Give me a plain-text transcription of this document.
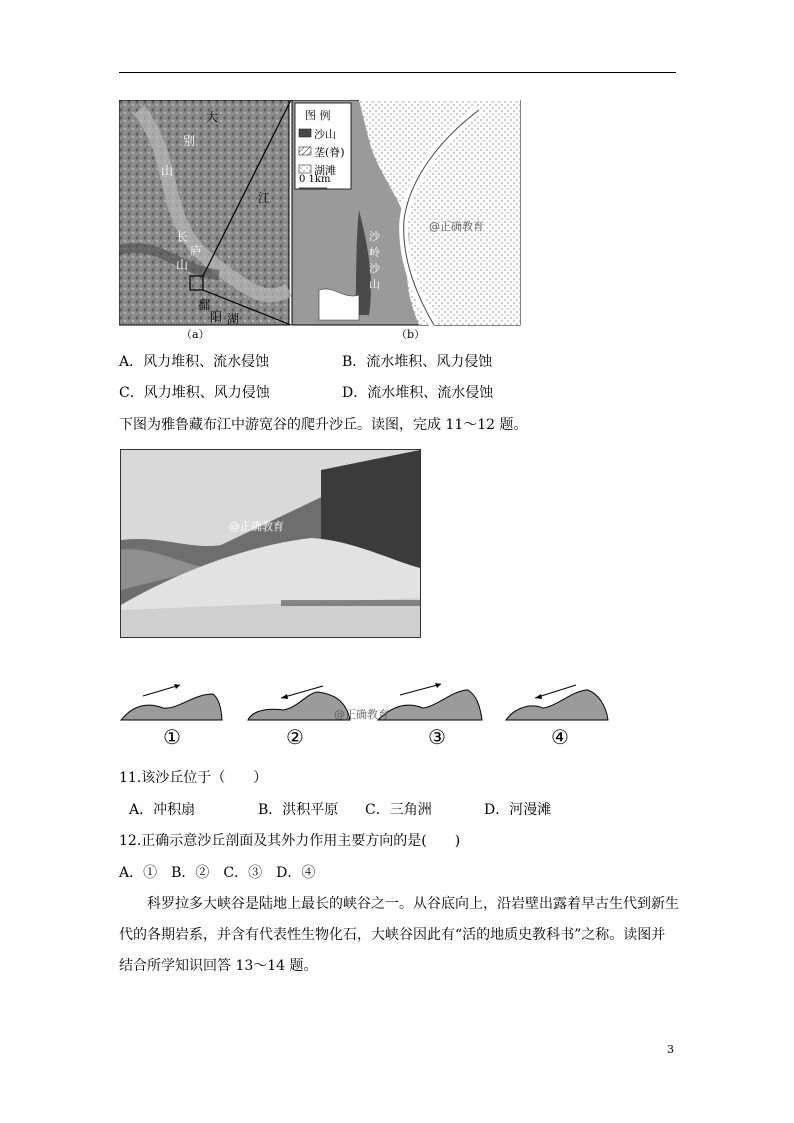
大
别
山
江
长
庐
山
鄱
阳 湖
（a）
图 例
沙山
垄(脊)
湖滩
0 1km
沙
岭
沙
山
@正确教育
（b）
A．风力堆积、流水侵蚀	B．流水堆积、风力侵蚀
C．风力堆积、风力侵蚀	D．流水堆积、流水侵蚀
下图为雅鲁藏布江中游宽谷的爬升沙丘。读图，完成 11～12 题。
@正确教育
@正确教育
①	②	③	④
11.该沙丘位于（　　）
A．冲积扇	B．洪积平原 C．三角洲	D．河漫滩
12.正确示意沙丘剖面及其外力作用主要方向的是(　　)
A．①　B．②　C．③　D．④
科罗拉多大峡谷是陆地上最长的峡谷之一。从谷底向上，沿岩壁出露着早古生代到新生
代的各期岩系，并含有代表性生物化石，大峡谷因此有“活的地质史教科书”之称。读图并
结合所学知识回答 13～14 题。
3
